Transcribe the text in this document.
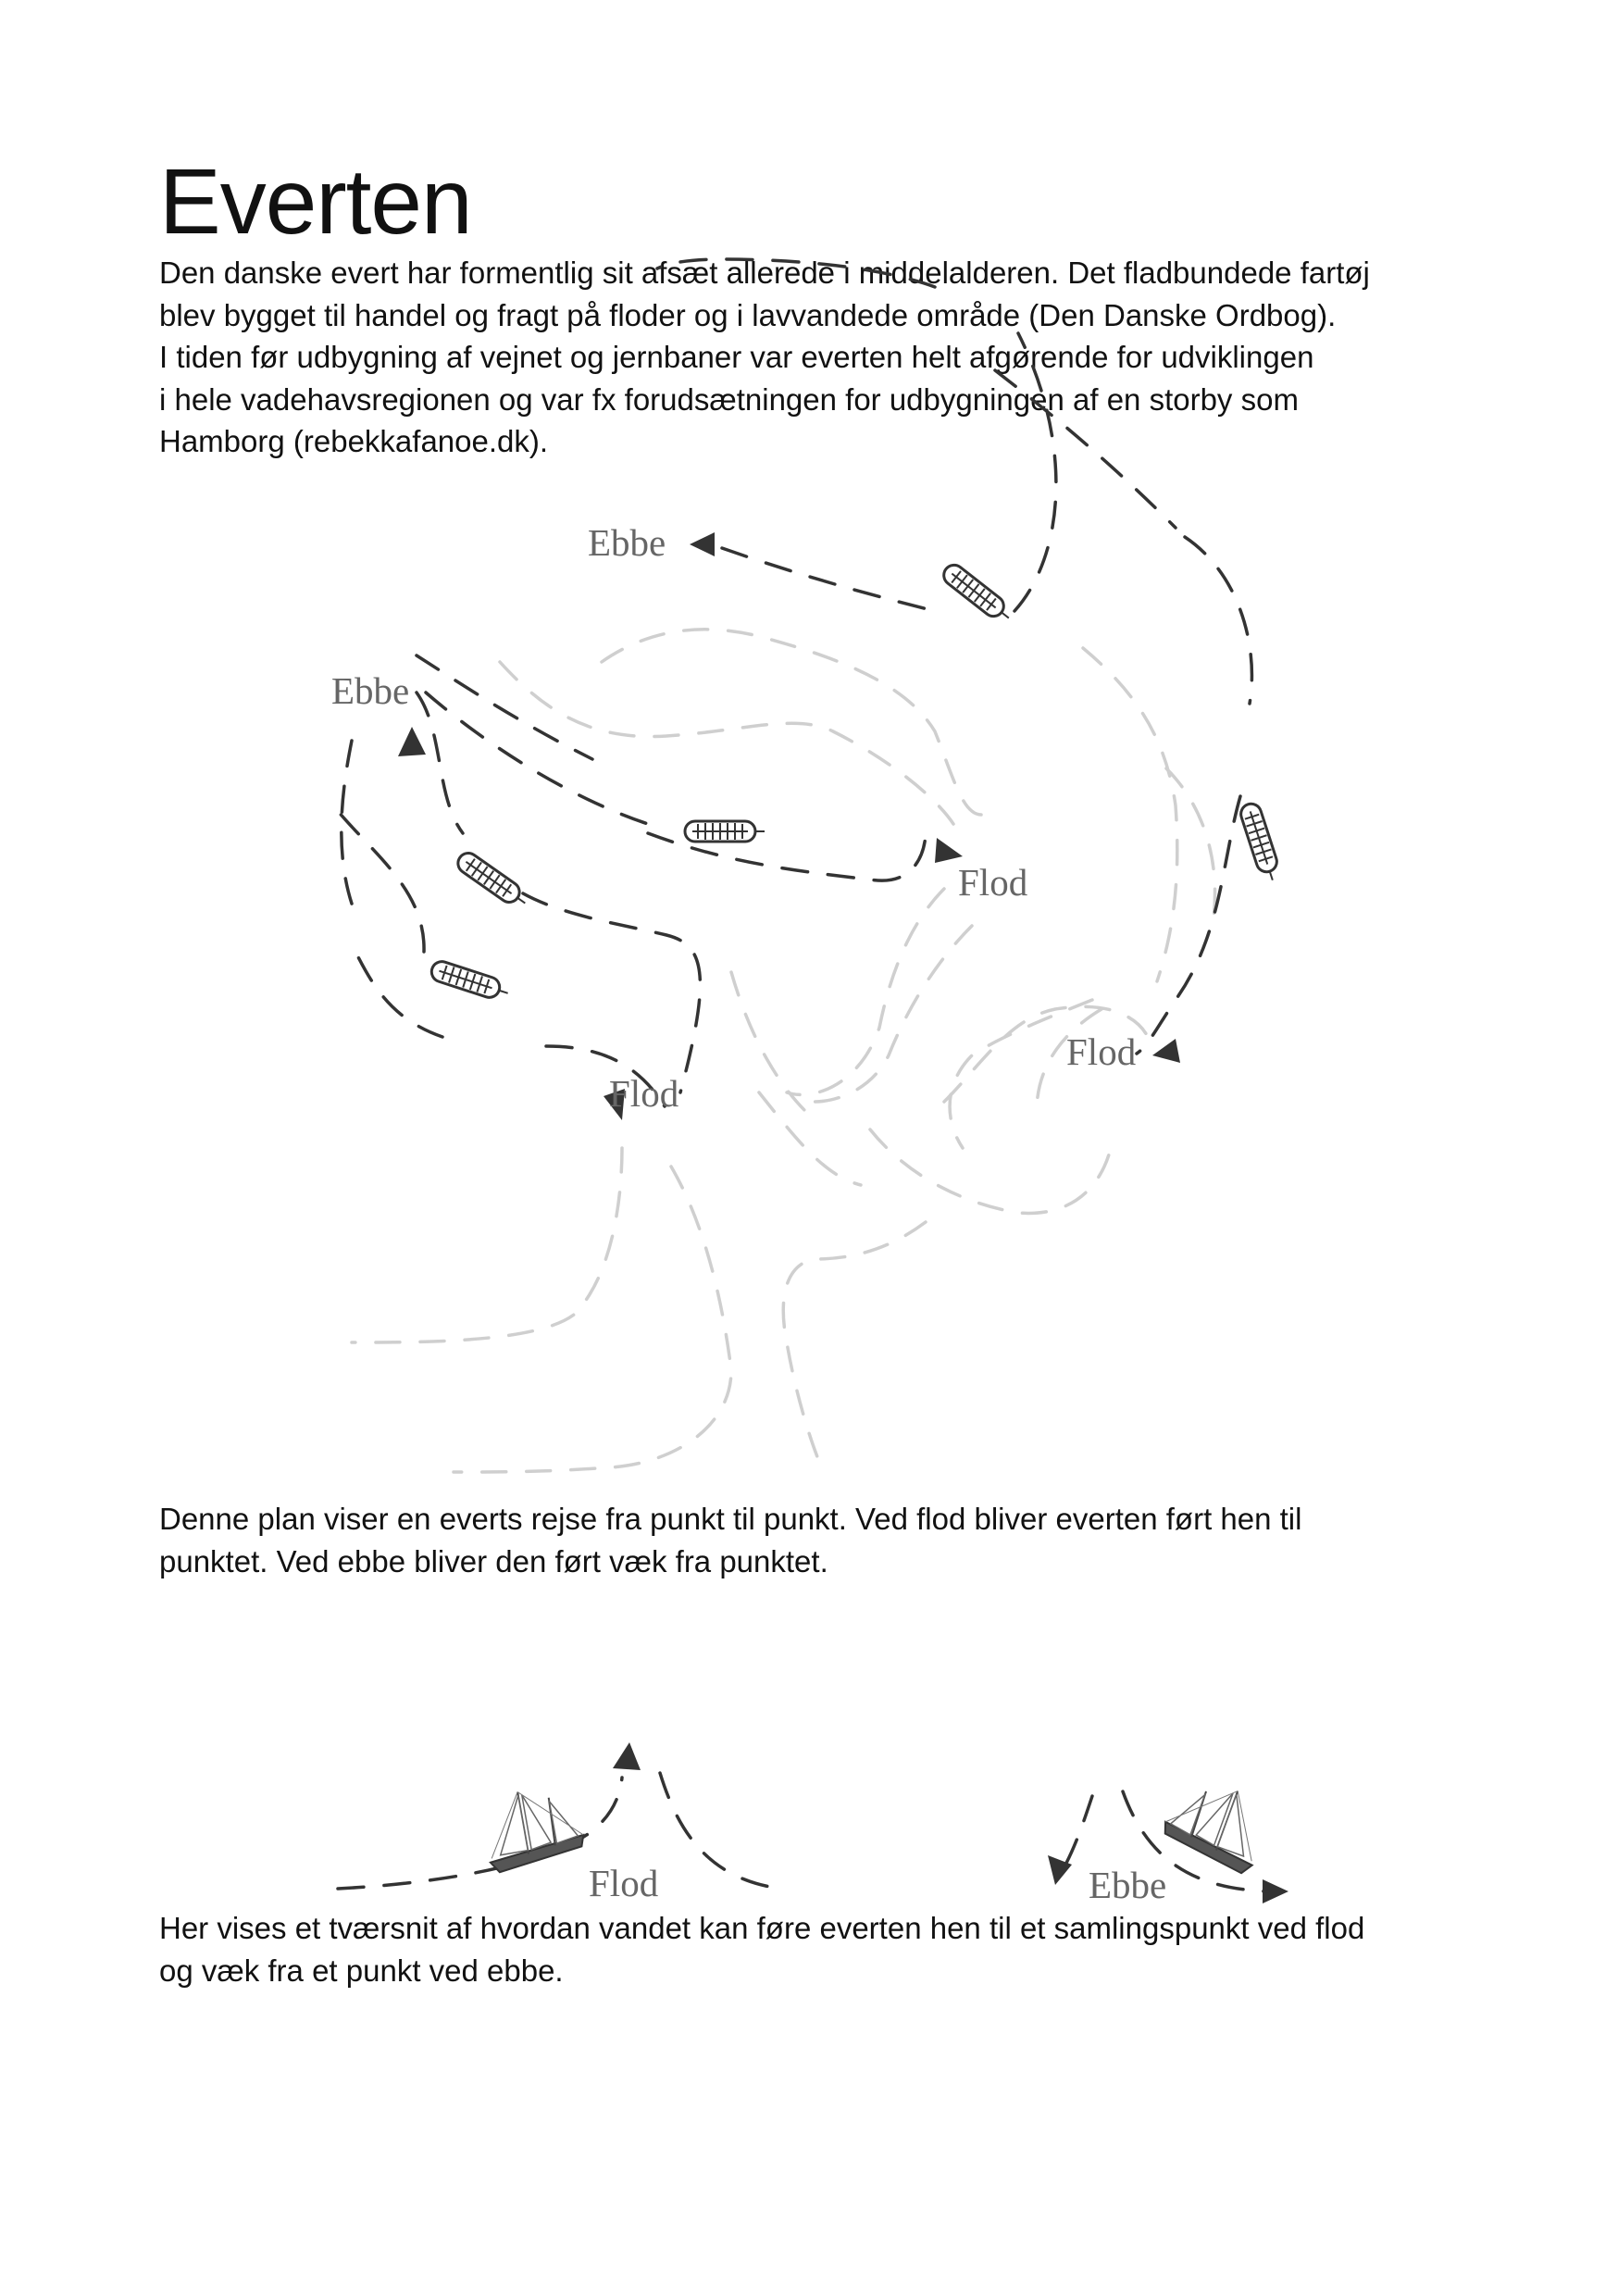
Everten
Den danske evert har formentlig sit afsæt allerede i middelalderen. Det fladbundede fartøj
blev bygget til handel og fragt på floder og i lavvandede område (Den Danske Ordbog).
I tiden før udbygning af vejnet og jernbaner var everten helt afgørende for udviklingen
i hele vadehavsregionen og var fx forudsætningen for udbygningen af en storby som
Hamborg (rebekkafanoe.dk).
Ebbe
Ebbe
Flod
Flod
Flod
Flod	Ebbe
Denne plan viser en everts rejse fra punkt til punkt. Ved flod bliver everten ført hen til
punktet. Ved ebbe bliver den ført væk fra punktet.
Her vises et tværsnit af hvordan vandet kan føre everten hen til et samlingspunkt ved flod
og væk fra et punkt ved ebbe.
